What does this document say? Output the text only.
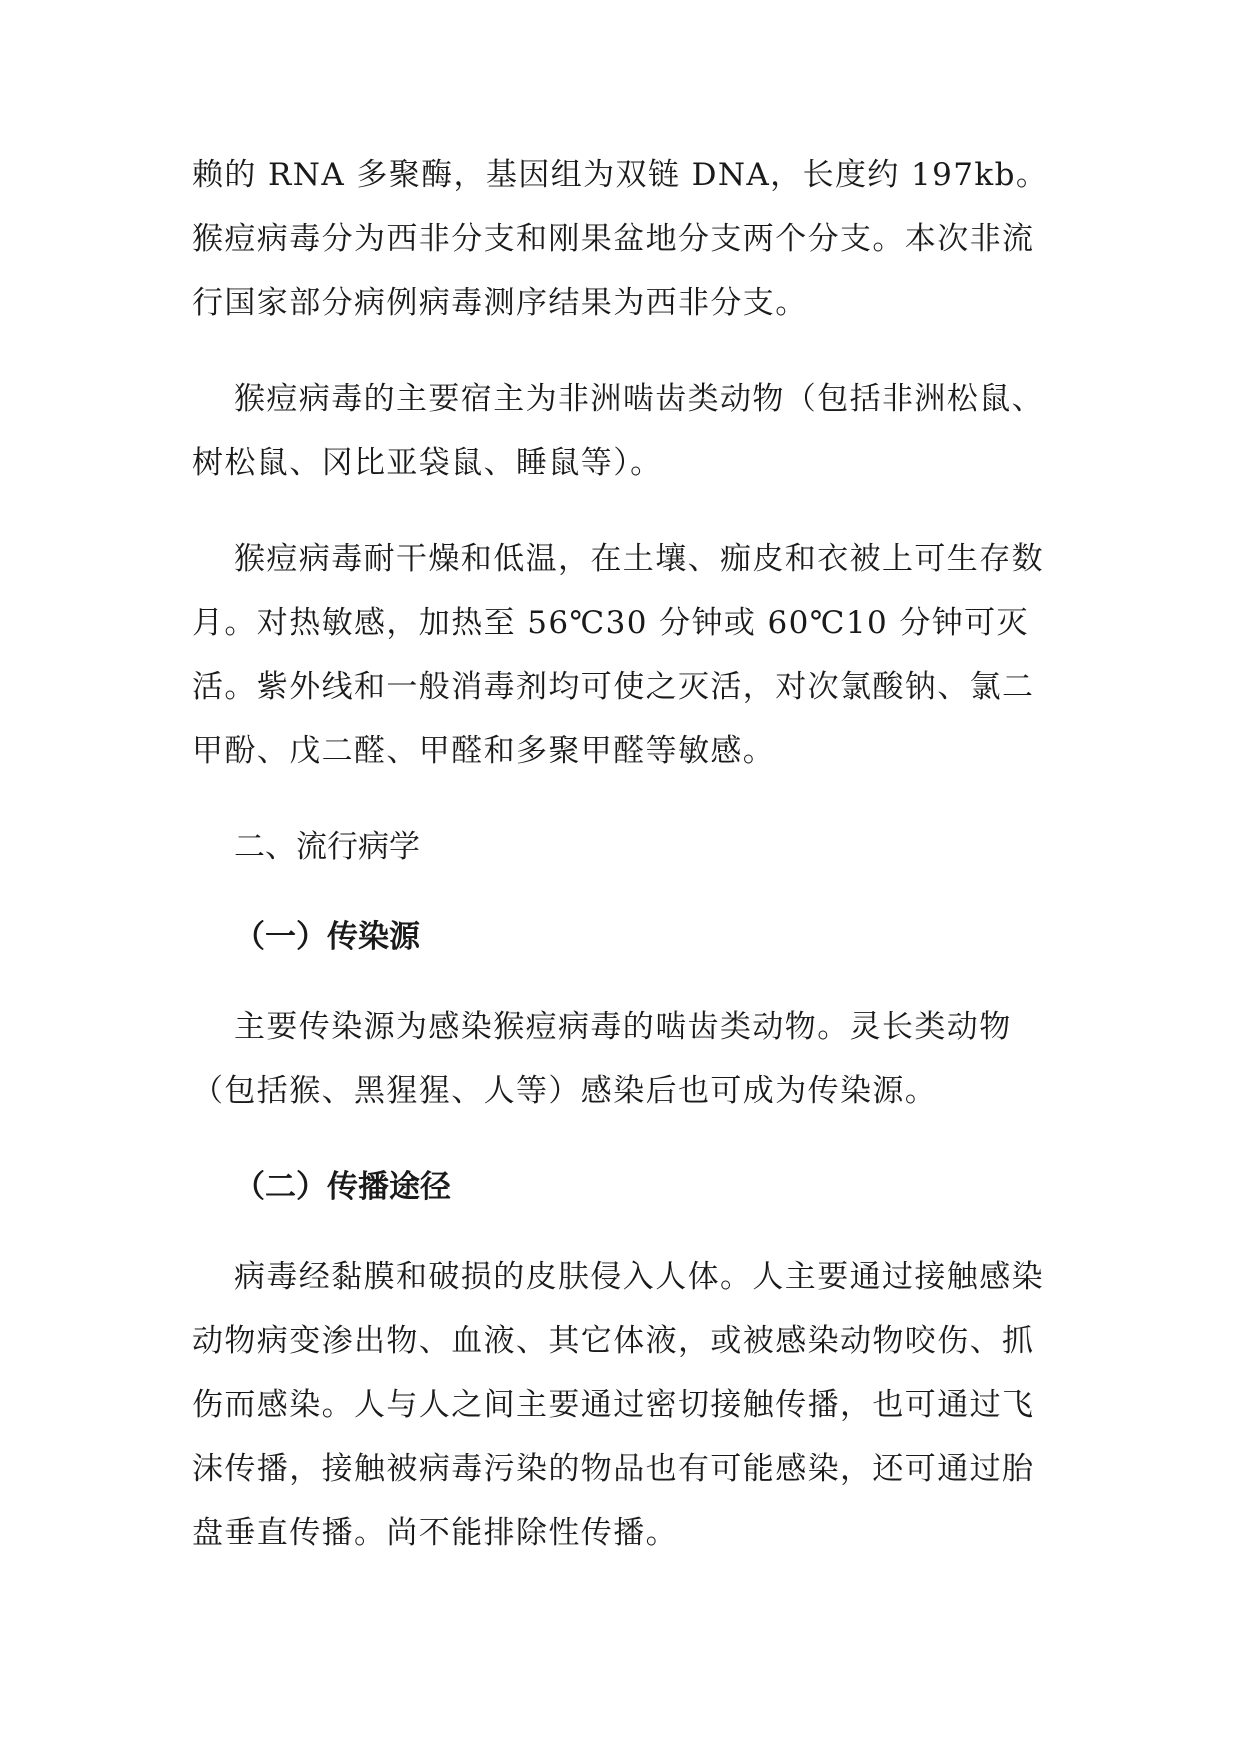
赖的 RNA 多聚酶，基因组为双链 DNA，长度约 197kb。猴痘病毒分为西非分支和刚果盆地分支两个分支。本次非流行国家部分病例病毒测序结果为西非分支。

猴痘病毒的主要宿主为非洲啮齿类动物（包括非洲松鼠、树松鼠、冈比亚袋鼠、睡鼠等）。

猴痘病毒耐干燥和低温，在土壤、痂皮和衣被上可生存数月。对热敏感，加热至 56℃30 分钟或 60℃10 分钟可灭活。紫外线和一般消毒剂均可使之灭活，对次氯酸钠、氯二甲酚、戊二醛、甲醛和多聚甲醛等敏感。

二、流行病学
（一）传染源

主要传染源为感染猴痘病毒的啮齿类动物。灵长类动物（包括猴、黑猩猩、人等）感染后也可成为传染源。

（二）传播途径

病毒经黏膜和破损的皮肤侵入人体。人主要通过接触感染动物病变渗出物、血液、其它体液，或被感染动物咬伤、抓伤而感染。人与人之间主要通过密切接触传播，也可通过飞沫传播，接触被病毒污染的物品也有可能感染，还可通过胎盘垂直传播。尚不能排除性传播。
